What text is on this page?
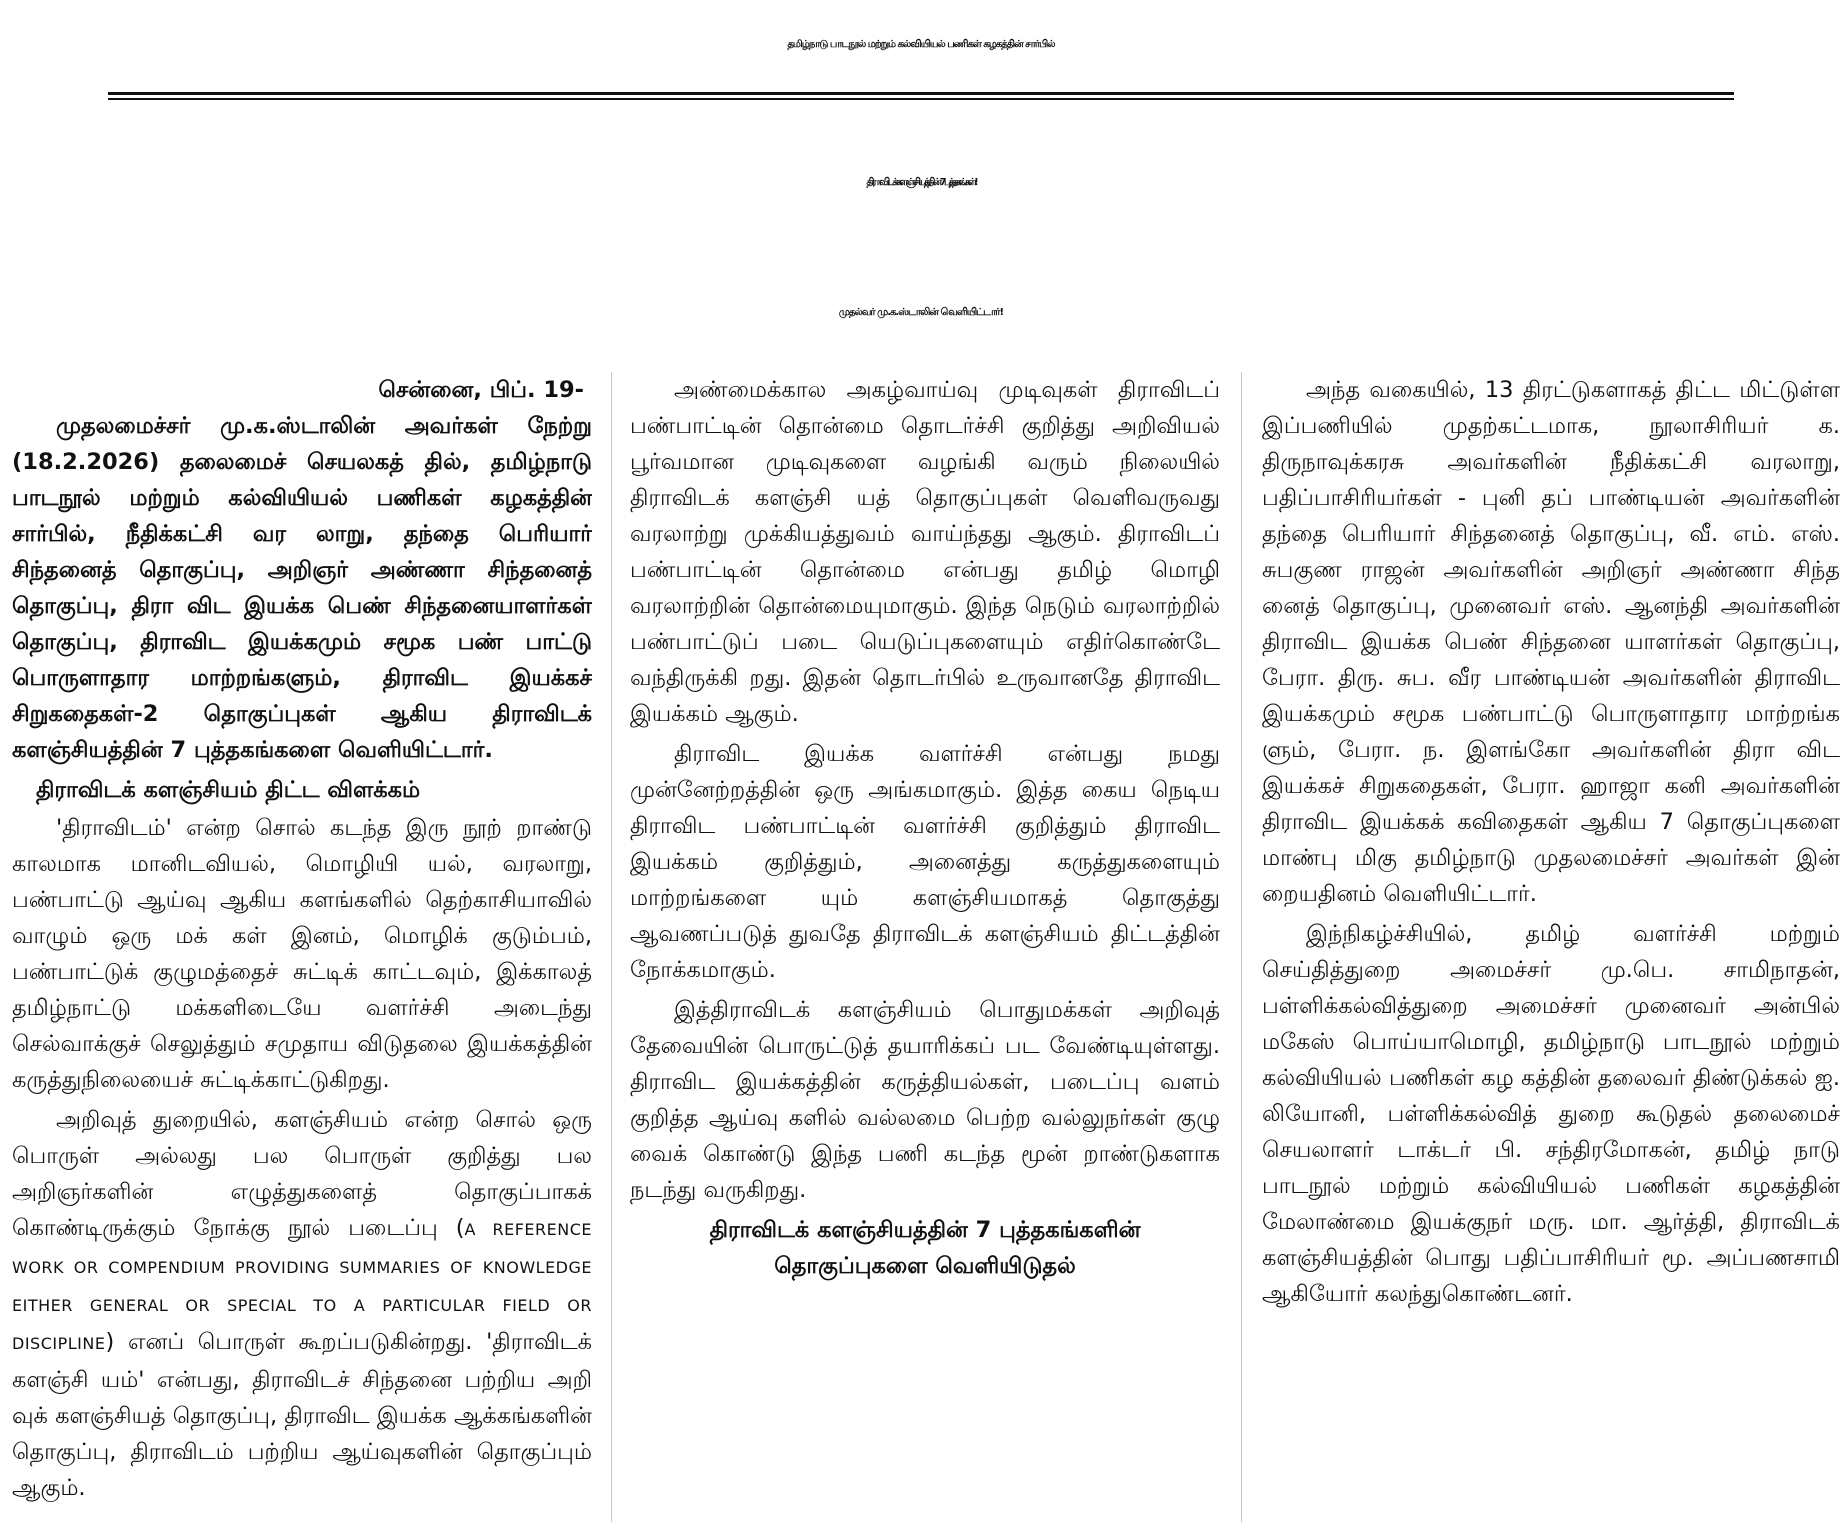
தமிழ்நாடு பாடநூல் மற்றும் கல்வியியல் பணிகள் கழகத்தின் சார்பில்
திராவிடக் களஞ்சியத்தின் 7 புத்தகங்கள்!
முதல்வர் மு.க.ஸ்டாலின் வெளியிட்டார்!

சென்னை, பிப். 19-

முதலமைச்சர் மு.க.ஸ்டாலின் அவர்கள் நேற்று (18.2.2026) தலைமைச் செயலகத் தில், தமிழ்நாடு பாடநூல் மற்றும் கல்வியியல் பணிகள் கழகத்தின் சார்பில், நீதிக்கட்சி வர லாறு, தந்தை பெரியார் சிந்தனைத் தொகுப்பு, அறிஞர் அண்ணா சிந்தனைத் தொகுப்பு, திரா விட இயக்க பெண் சிந்தனையாளர்கள் தொகுப்பு, திராவிட இயக்கமும் சமூக பண் பாட்டு பொருளாதார மாற்றங்களும், திராவிட இயக்கச் சிறுகதைகள்-2 தொகுப்புகள் ஆகிய திராவிடக் களஞ்சியத்தின் 7 புத்தகங்களை வெளியிட்டார்.

திராவிடக் களஞ்சியம் திட்ட விளக்கம்

'திராவிடம்' என்ற சொல் கடந்த இரு நூற் றாண்டு காலமாக மானிடவியல், மொழியி யல், வரலாறு, பண்பாட்டு ஆய்வு ஆகிய களங்களில் தெற்காசியாவில் வாழும் ஒரு மக் கள் இனம், மொழிக் குடும்பம், பண்பாட்டுக் குழுமத்தைச் சுட்டிக் காட்டவும், இக்காலத் தமிழ்நாட்டு மக்களிடையே வளர்ச்சி அடைந்து செல்வாக்குச் செலுத்தும் சமுதாய விடுதலை இயக்கத்தின் கருத்துநிலையைச் சுட்டிக்காட்டுகிறது.

அறிவுத் துறையில், களஞ்சியம் என்ற சொல் ஒரு பொருள் அல்லது பல பொருள் குறித்து பல அறிஞர்களின் எழுத்துகளைத் தொகுப்பாகக் கொண்டிருக்கும் நோக்கு நூல் படைப்பு (A REFERENCE WORK OR COMPENDIUM PROVIDING SUMMARIES OF KNOWLEDGE EITHER GENERAL OR SPECIAL TO A PARTICULAR FIELD OR DISCIPLINE) எனப் பொருள் கூறப்படுகின்றது. 'திராவிடக் களஞ்சி யம்' என்பது, திராவிடச் சிந்தனை பற்றிய அறி வுக் களஞ்சியத் தொகுப்பு, திராவிட இயக்க ஆக்கங்களின் தொகுப்பு, திராவிடம் பற்றிய ஆய்வுகளின் தொகுப்பும் ஆகும்.

அண்மைக்கால அகழ்வாய்வு முடிவுகள் திராவிடப் பண்பாட்டின் தொன்மை தொடர்ச்சி குறித்து அறிவியல் பூர்வமான முடிவுகளை வழங்கி வரும் நிலையில் திராவிடக் களஞ்சி யத் தொகுப்புகள் வெளிவருவது வரலாற்று முக்கியத்துவம் வாய்ந்தது ஆகும். திராவிடப் பண்பாட்டின் தொன்மை என்பது தமிழ் மொழி வரலாற்றின் தொன்மையுமாகும். இந்த நெடும் வரலாற்றில் பண்பாட்டுப் படை யெடுப்புகளையும் எதிர்கொண்டே வந்திருக்கி றது. இதன் தொடர்பில் உருவானதே திராவிட இயக்கம் ஆகும்.

திராவிட இயக்க வளர்ச்சி என்பது நமது முன்னேற்றத்தின் ஒரு அங்கமாகும். இத்த கைய நெடிய திராவிட பண்பாட்டின் வளர்ச்சி குறித்தும் திராவிட இயக்கம் குறித்தும், அனைத்து கருத்துகளையும் மாற்றங்களை யும் களஞ்சியமாகத் தொகுத்து ஆவணப்படுத் துவதே திராவிடக் களஞ்சியம் திட்டத்தின் நோக்கமாகும்.

இத்திராவிடக் களஞ்சியம் பொதுமக்கள் அறிவுத் தேவையின் பொருட்டுத் தயாரிக்கப் பட வேண்டியுள்ளது. திராவிட இயக்கத்தின் கருத்தியல்கள், படைப்பு வளம் குறித்த ஆய்வு களில் வல்லமை பெற்ற வல்லுநர்கள் குழு வைக் கொண்டு இந்த பணி கடந்த மூன் றாண்டுகளாக நடந்து வருகிறது.

திராவிடக் களஞ்சியத்தின் 7 புத்தகங்களின் தொகுப்புகளை வெளியிடுதல்

அந்த வகையில், 13 திரட்டுகளாகத் திட்ட மிட்டுள்ள இப்பணியில் முதற்கட்டமாக, நூலாசிரியர் க. திருநாவுக்கரசு அவர்களின் நீதிக்கட்சி வரலாறு, பதிப்பாசிரியர்கள் - புனி தப் பாண்டியன் அவர்களின் தந்தை பெரியார் சிந்தனைத் தொகுப்பு, வீ. எம். எஸ். சுபகுண ராஜன் அவர்களின் அறிஞர் அண்ணா சிந்த னைத் தொகுப்பு, முனைவர் எஸ். ஆனந்தி அவர்களின் திராவிட இயக்க பெண் சிந்தனை யாளர்கள் தொகுப்பு, பேரா. திரு. சுப. வீர பாண்டியன் அவர்களின் திராவிட இயக்கமும் சமூக பண்பாட்டு பொருளாதார மாற்றங்க ளும், பேரா. ந. இளங்கோ அவர்களின் திரா விட இயக்கச் சிறுகதைகள், பேரா. ஹாஜா கனி அவர்களின் திராவிட இயக்கக் கவிதைகள் ஆகிய 7 தொகுப்புகளை மாண்பு மிகு தமிழ்நாடு முதலமைச்சர் அவர்கள் இன் றையதினம் வெளியிட்டார்.

இந்நிகழ்ச்சியில், தமிழ் வளர்ச்சி மற்றும் செய்தித்துறை அமைச்சர் மு.பெ. சாமிநாதன், பள்ளிக்கல்வித்துறை அமைச்சர் முனைவர் அன்பில் மகேஸ் பொய்யாமொழி, தமிழ்நாடு பாடநூல் மற்றும் கல்வியியல் பணிகள் கழ கத்தின் தலைவர் திண்டுக்கல் ஐ. லியோனி, பள்ளிக்கல்வித் துறை கூடுதல் தலைமைச் செயலாளர் டாக்டர் பி. சந்திரமோகன், தமிழ் நாடு பாடநூல் மற்றும் கல்வியியல் பணிகள் கழகத்தின் மேலாண்மை இயக்குநர் மரு. மா. ஆர்த்தி, திராவிடக் களஞ்சியத்தின் பொது பதிப்பாசிரியர் மூ. அப்பணசாமி ஆகியோர் கலந்துகொண்டனர்.
